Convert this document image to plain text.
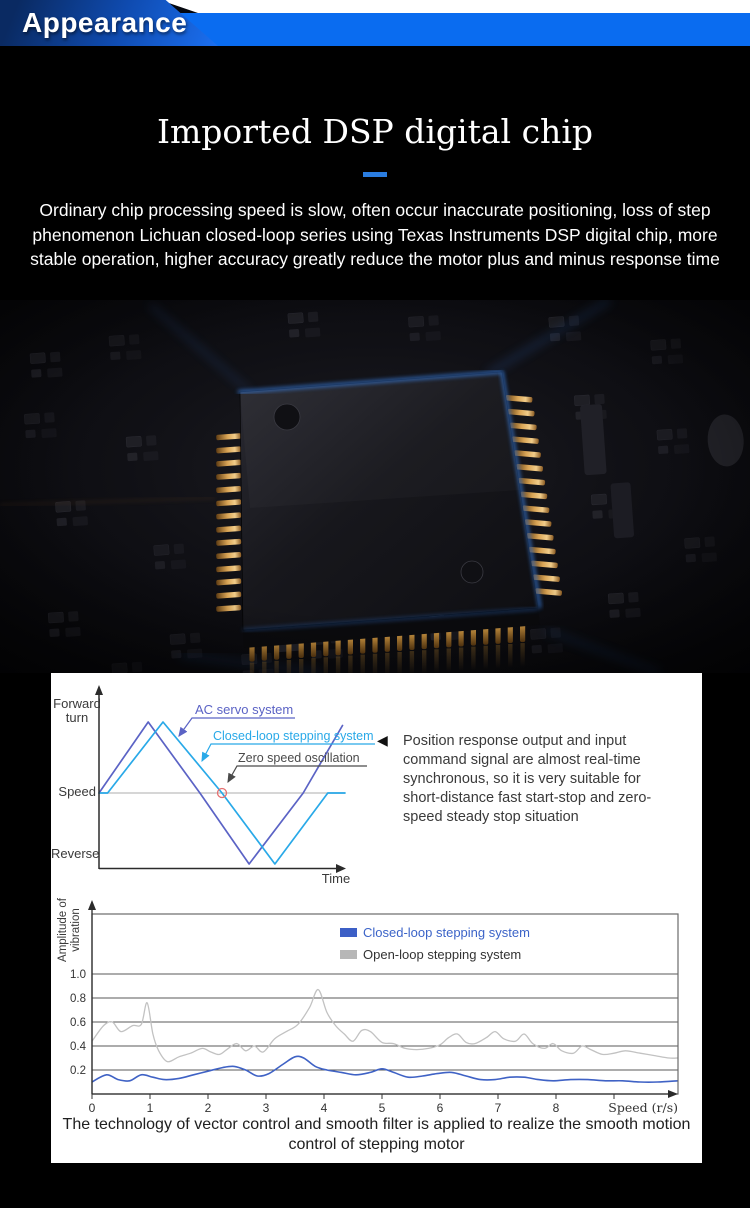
Appearance
Imported DSP digital chip

Ordinary chip processing speed is slow, often occur inaccurate positioning, loss of step phenomenon Lichuan closed-loop series using Texas Instruments DSP digital chip, more stable operation, higher accuracy greatly reduce the motor plus and minus response time

AC servo system
Closed-loop stepping system
Zero speed oscillation
Forward turn
Speed
Reverse
Time
◀ Position response output and input command signal are almost real-time synchronous, so it is very suitable for short-distance fast start-stop and zero-speed steady stop situation
0.2
0.4
0.6
0.8
1.0
0	1	2	3	4	5	6	7	8
Closed-loop stepping system
Open-loop stepping system
Speed (r/s)
Amplitude of vibration
The technology of vector control and smooth filter is applied to realize the smooth motion control of stepping motor
